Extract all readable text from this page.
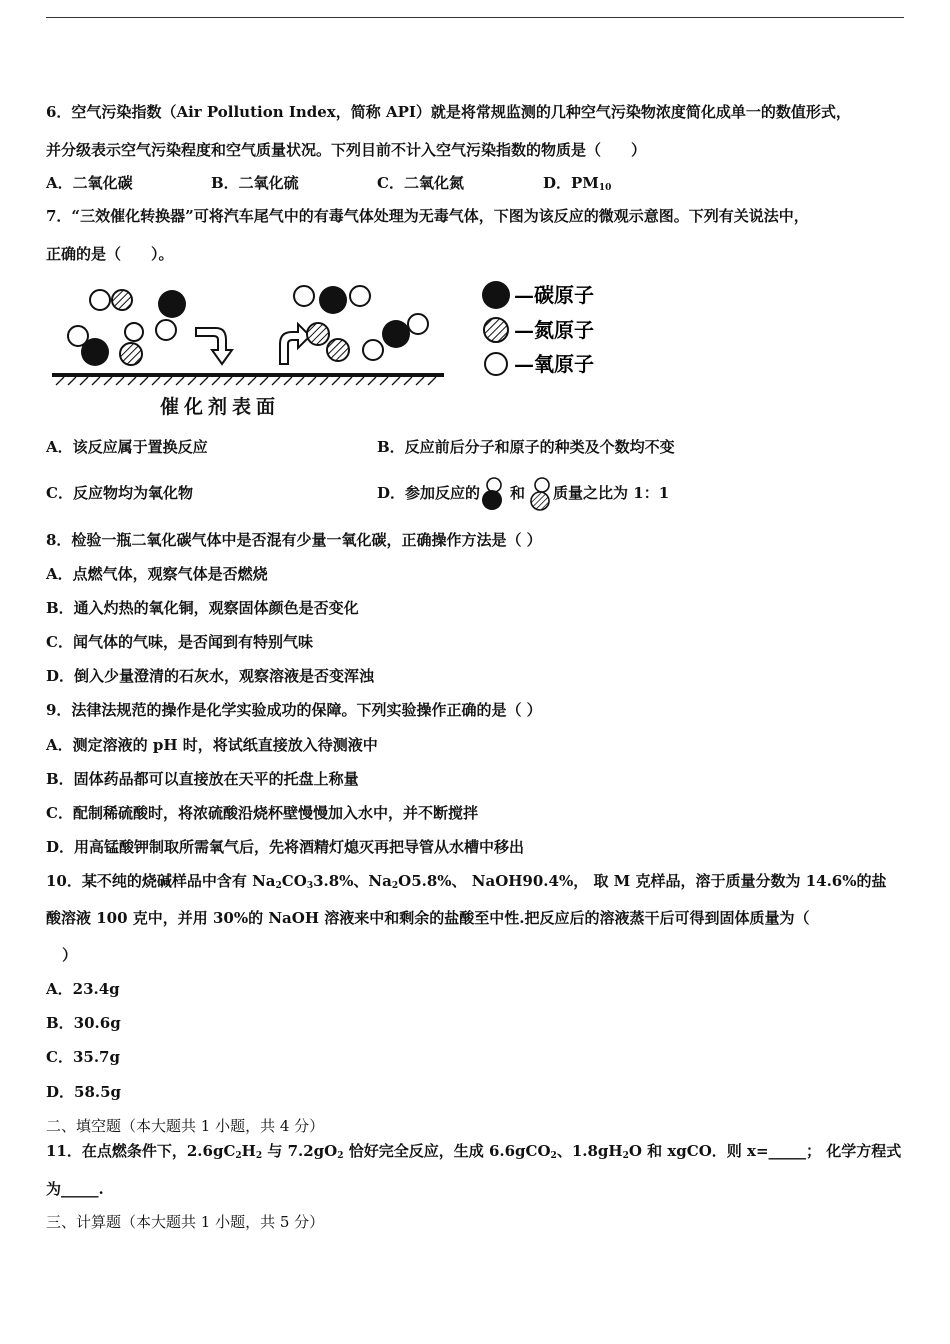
6．空气污染指数（Air Pollution Index，简称 API）就是将常规监测的几种空气污染物浓度简化成单一的数值形式，
并分级表示空气污染程度和空气质量状况。下列目前不计入空气污染指数的物质是（　　）
A．二氧化碳	B．二氧化硫	C．二氧化氮	D．$PM_{10}$
7．“三效催化转换器”可将汽车尾气中的有毒气体处理为无毒气体，下图为该反应的微观示意图。下列有关说法中，
正确的是（　　）。
催化剂表面
—碳原子
—氮原子
—氧原子
A．该反应属于置换反应	B．反应前后分子和原子的种类及个数均不变
C．反应物均为氧化物	D．参加反应的 和 质量之比为 1：1
8．检验一瓶二氧化碳气体中是否混有少量一氧化碳，正确操作方法是（ ）
A．点燃气体，观察气体是否燃烧
B．通入灼热的氧化铜，观察固体颜色是否变化
C．闻气体的气味，是否闻到有特别气味
D．倒入少量澄清的石灰水，观察溶液是否变浑浊
9．法律法规范的操作是化学实验成功的保障。下列实验操作正确的是（ ）
A．测定溶液的 pH 时，将试纸直接放入待测液中
B．固体药品都可以直接放在天平的托盘上称量
C．配制稀硫酸时，将浓硫酸沿烧杯壁慢慢加入水中，并不断搅拌
D．用高锰酸钾制取所需氧气后，先将酒精灯熄灭再把导管从水槽中移出
10．某不纯的烧碱样品中含有 $Na_2CO_33.8\%$、$Na_2O5.8\%$、 NaOH90.4%， 取 M 克样品，溶于质量分数为 14.6%的盐
酸溶液 100 克中，并用 30%的 NaOH 溶液来中和剩余的盐酸至中性.把反应后的溶液蒸干后可得到固体质量为（
）
A．23.4g
B．30.6g
C．35.7g
D．58.5g
二、填空题（本大题共 1 小题，共 4 分）
11．在点燃条件下，$2.6gC_2H_2$ 与 $7.2gO_2$ 恰好完全反应，生成 6.6gCO$_2$、$1.8gH_2O$ 和 xgCO．则 x=_____； 化学方程式
为_____.
三、计算题（本大题共 1 小题，共 5 分）
